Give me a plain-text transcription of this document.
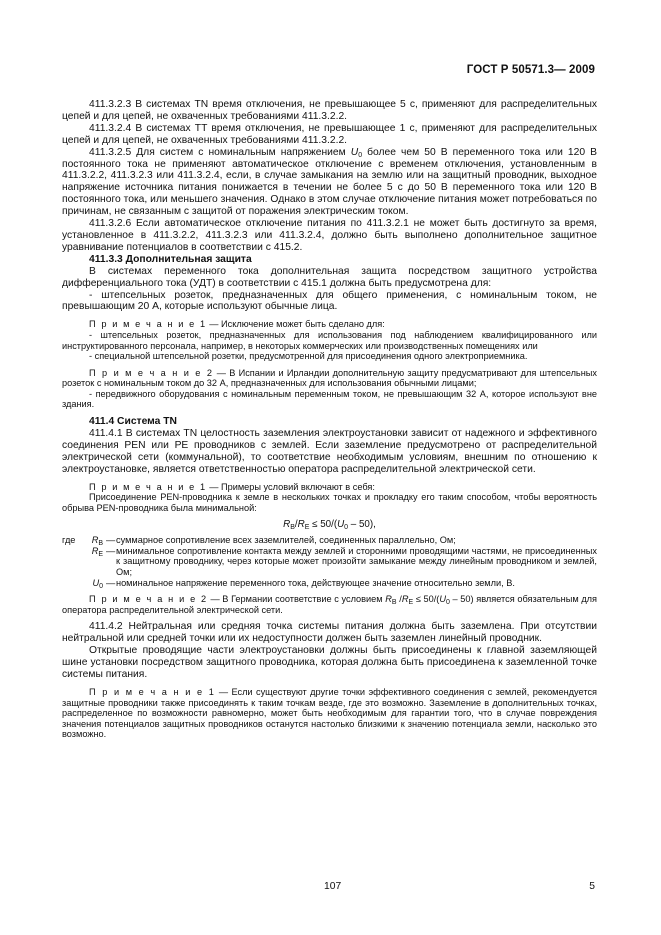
ГОСТ Р 50571.3— 2009

411.3.2.3 В системах TN время отключения, не превышающее 5 с, применяют для распределительных цепей и для цепей, не охваченных требованиями 411.3.2.2.

411.3.2.4 В системах TT время отключения, не превышающее 1 с, применяют для распределительных цепей и для цепей, не охваченных требованиями 411.3.2.2.

411.3.2.5 Для систем с номинальным напряжением $U_0$ более чем 50 В переменного тока или 120 В постоянного тока не применяют автоматическое отключение с временем отключения, установленным в 411.3.2.2, 411.3.2.3 или 411.3.2.4, если, в случае замыкания на землю или на защитный проводник, выходное напряжение источника питания понижается в течении не более 5 с до 50 В переменного тока или 120 В постоянного тока, или меньшего значения. Однако в этом случае отключение питания может потребоваться по причинам, не связанным с защитой от поражения электрическим током.

411.3.2.6 Если автоматическое отключение питания по 411.3.2.1 не может быть достигнуто за время, установленное в 411.3.2.2, 411.3.2.3 или 411.3.2.4, должно быть выполнено дополнительное защитное уравнивание потенциалов в соответствии с 415.2.

411.3.3 Дополнительная защита

В системах переменного тока дополнительная защита посредством защитного устройства дифференциального тока (УДТ) в соответствии с 415.1 должна быть предусмотрена для:

- штепсельных розеток, предназначенных для общего применения, с номинальным током, не превышающим 20 А, которые используют обычные лица.

П р и м е ч а н и е 1 — Исключение может быть сделано для:

- штепсельных розеток, предназначенных для использования под наблюдением квалифицированного или инструктированного персонала, например, в некоторых коммерческих или производственных помещениях или

- специальной штепсельной розетки, предусмотренной для присоединения одного электроприемника.

П р и м е ч а н и е 2 — В Испании и Ирландии дополнительную защиту предусматривают для штепсельных розеток с номинальным током до 32 А, предназначенных для использования обычными лицами;

- передвижного оборудования с номинальным переменным током, не превышающим 32 А, которое используют вне здания.

411.4 Система TN

411.4.1 В системах TN целостность заземления электроустановки зависит от надежного и эффективного соединения PEN или PE проводников с землей. Если заземление предусмотрено от распределительной электрической сети (коммунальной), то соответствие необходимым условиям, внешним по отношению к электроустановке, является ответственностью оператора распределительной электрической сети.

П р и м е ч а н и е 1 — Примеры условий включают в себя:

Присоединение PEN-проводника к земле в нескольких точках и прокладку его таким способом, чтобы вероятность обрыва PEN-проводника была минимальной:

$R_B/R_E \le 50/(U_0 - 50)$,

где	$R_B$	—	суммарное сопротивление всех заземлителей, соединенных параллельно, Ом;
	$R_E$	—	минимальное сопротивление контакта между землей и сторонними проводящими частями, не присоединенных к защитному проводнику, через которые может произойти замыкание между линейным проводником и землей, Ом;
	$U_0$	—	номинальное напряжение переменного тока, действующее значение относительно земли, В.

П р и м е ч а н и е 2 — В Германии соответствие с условием $R_B$ $/R_E \le 50/(U_0 - 50)$ является обязательным для оператора распределительной электрической сети.

411.4.2 Нейтральная или средняя точка системы питания должна быть заземлена. При отсутствии нейтральной или средней точки или их недоступности должен быть заземлен линейный проводник.

Открытые проводящие части электроустановки должны быть присоединены к главной заземляющей шине установки посредством защитного проводника, которая должна быть присоединена к заземленной точке системы питания.

П р и м е ч а н и е 1 — Если существуют другие точки эффективного соединения с землей, рекомендуется защитные проводники также присоединять к таким точкам везде, где это возможно. Заземление в дополнительных точках, распределенное по возможности равномерно, может быть необходимым для гарантии того, что в случае повреждения значения потенциалов защитных проводников останутся настолько близкими к значению потенциала земли, насколько это возможно.

107	5
